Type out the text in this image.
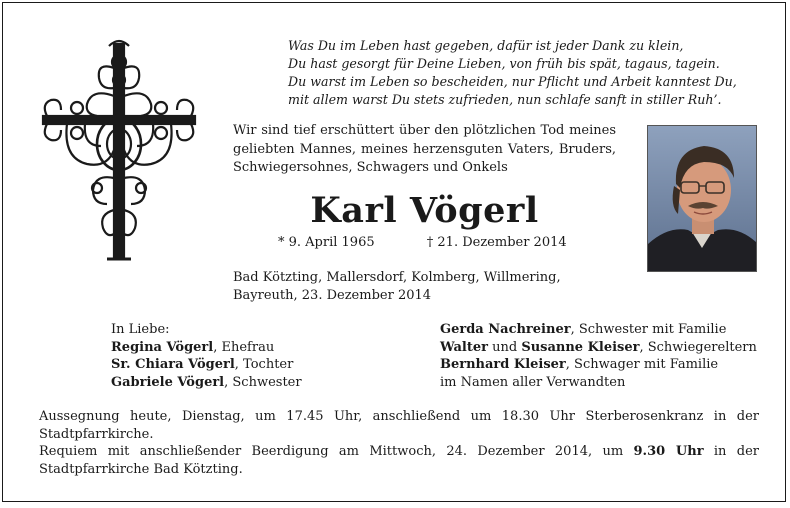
Was Du im Leben hast gegeben, dafür ist jeder Dank zu klein,
Du hast gesorgt für Deine Lieben, von früh bis spät, tagaus, tagein.
Du warst im Leben so bescheiden, nur Pflicht und Arbeit kanntest Du,
mit allem warst Du stets zufrieden, nun schlafe sanft in stiller Ruh’.
Wir sind tief erschüttert über den plötzlichen Tod meines geliebten Mannes, meines herzensguten Vaters, Bruders, Schwiegersohnes, Schwagers und Onkels
Karl Vögerl
* 9. April 1965	† 21. Dezember 2014
Bad Kötzting, Mallersdorf, Kolmberg, Willmering,
Bayreuth, 23. Dezember 2014
In Liebe:
Regina Vögerl, Ehefrau
Sr. Chiara Vögerl, Tochter
Gabriele Vögerl, Schwester
Gerda Nachreiner, Schwester mit Familie
Walter und Susanne Kleiser, Schwiegereltern
Bernhard Kleiser, Schwager mit Familie
im Namen aller Verwandten

Aussegnung heute, Dienstag, um 17.45 Uhr, anschließend um 18.30 Uhr Sterberosenkranz in der Stadtpfarrkirche.

Requiem mit anschließender Beerdigung am Mittwoch, 24. Dezember 2014, um 9.30 Uhr in der Stadtpfarrkirche Bad Kötzting.
